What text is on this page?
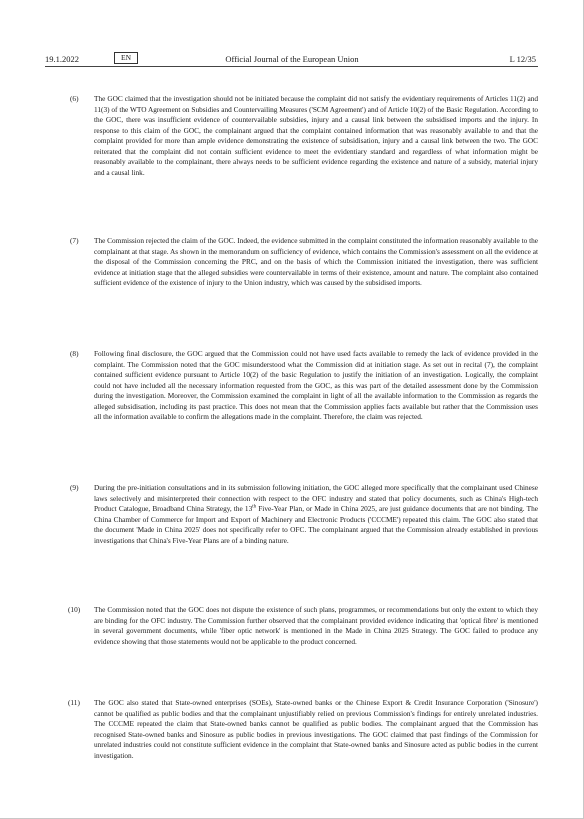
19.1.2022	EN	Official Journal of the European Union	L 12/35
(6) The GOC claimed that the investigation should not be initiated because the complaint did not satisfy the evidentiary requirements of Articles 11(2) and 11(3) of the WTO Agreement on Subsidies and Countervailing Measures ('SCM Agreement') and of Article 10(2) of the Basic Regulation. According to the GOC, there was insufficient evidence of countervailable subsidies, injury and a causal link between the subsidised imports and the injury. In response to this claim of the GOC, the complainant argued that the complaint contained information that was reasonably available to and that the complaint provided for more than ample evidence demonstrating the existence of subsidisation, injury and a causal link between the two. The GOC reiterated that the complaint did not contain sufficient evidence to meet the evidentiary standard and regardless of what information might be reasonably available to the complainant, there always needs to be sufficient evidence regarding the existence and nature of a subsidy, material injury and a causal link.
(7) The Commission rejected the claim of the GOC. Indeed, the evidence submitted in the complaint constituted the information reasonably available to the complainant at that stage. As shown in the memorandum on sufficiency of evidence, which contains the Commission's assessment on all the evidence at the disposal of the Commission concerning the PRC, and on the basis of which the Commission initiated the investigation, there was sufficient evidence at initiation stage that the alleged subsidies were countervailable in terms of their existence, amount and nature. The complaint also contained sufficient evidence of the existence of injury to the Union industry, which was caused by the subsidised imports.
(8) Following final disclosure, the GOC argued that the Commission could not have used facts available to remedy the lack of evidence provided in the complaint. The Commission noted that the GOC misunderstood what the Commission did at initiation stage. As set out in recital (7), the complaint contained sufficient evidence pursuant to Article 10(2) of the basic Regulation to justify the initiation of an investigation. Logically, the complaint could not have included all the necessary information requested from the GOC, as this was part of the detailed assessment done by the Commission during the investigation. Moreover, the Commission examined the complaint in light of all the available information to the Commission as regards the alleged subsidisation, including its past practice. This does not mean that the Commission applies facts available but rather that the Commission uses all the information available to confirm the allegations made in the complaint. Therefore, the claim was rejected.
(9) During the pre-initiation consultations and in its submission following initiation, the GOC alleged more specifically that the complainant used Chinese laws selectively and misinterpreted their connection with respect to the OFC industry and stated that policy documents, such as China's High-tech Product Catalogue, Broadband China Strategy, the 13th Five-Year Plan, or Made in China 2025, are just guidance documents that are not binding. The China Chamber of Commerce for Import and Export of Machinery and Electronic Products ('CCCME') repeated this claim. The GOC also stated that the document 'Made in China 2025' does not specifically refer to OFC. The complainant argued that the Commission already established in previous investigations that China's Five-Year Plans are of a binding nature.
(10) The Commission noted that the GOC does not dispute the existence of such plans, programmes, or recommendations but only the extent to which they are binding for the OFC industry. The Commission further observed that the complainant provided evidence indicating that 'optical fibre' is mentioned in several government documents, while 'fiber optic network' is mentioned in the Made in China 2025 Strategy. The GOC failed to produce any evidence showing that those statements would not be applicable to the product concerned.
(11) The GOC also stated that State-owned enterprises (SOEs), State-owned banks or the Chinese Export & Credit Insurance Corporation ('Sinosure') cannot be qualified as public bodies and that the complainant unjustifiably relied on previous Commission's findings for entirely unrelated industries. The CCCME repeated the claim that State-owned banks cannot be qualified as public bodies. The complainant argued that the Commission has recognised State-owned banks and Sinosure as public bodies in previous investigations. The GOC claimed that past findings of the Commission for unrelated industries could not constitute sufficient evidence in the complaint that State-owned banks and Sinosure acted as public bodies in the current investigation.
